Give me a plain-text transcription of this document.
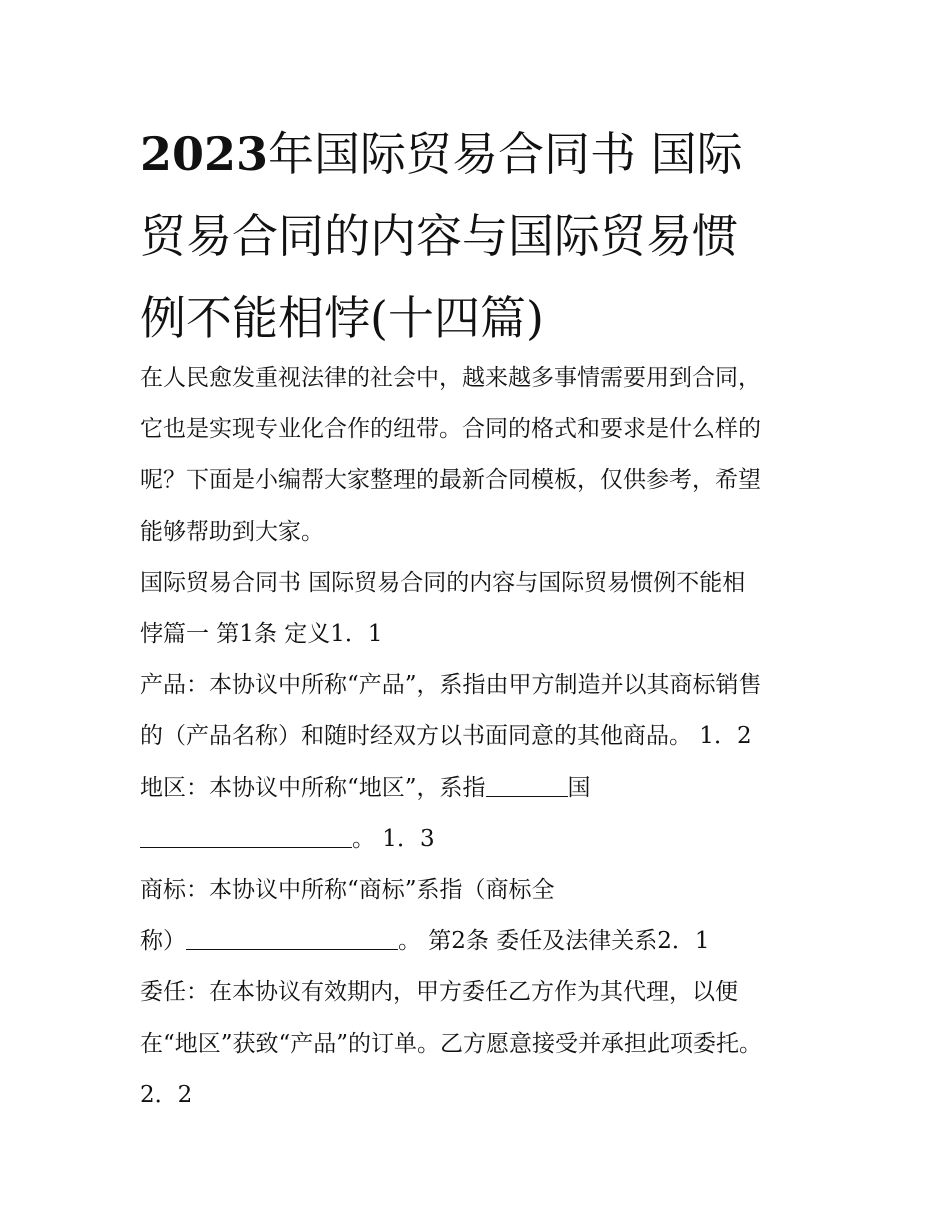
2023年国际贸易合同书 国际
贸易合同的内容与国际贸易惯
例不能相悖(十四篇)
在人民愈发重视法律的社会中，越来越多事情需要用到合同，
它也是实现专业化合作的纽带。合同的格式和要求是什么样的
呢？下面是小编帮大家整理的最新合同模板，仅供参考，希望
能够帮助到大家。
国际贸易合同书 国际贸易合同的内容与国际贸易惯例不能相
悖篇一 第1条 定义1．1
产品：本协议中所称“产品”，系指由甲方制造并以其商标销售
的（产品名称）和随时经双方以书面同意的其他商品。 1．2
地区：本协议中所称“地区”，系指	国
。 1．3
商标：本协议中所称“商标”系指（商标全
称）	。 第2条 委任及法律关系2．1
委任：在本协议有效期内，甲方委任乙方作为其代理，以便
在“地区”获致“产品”的订单。乙方愿意接受并承担此项委托。
2．2
